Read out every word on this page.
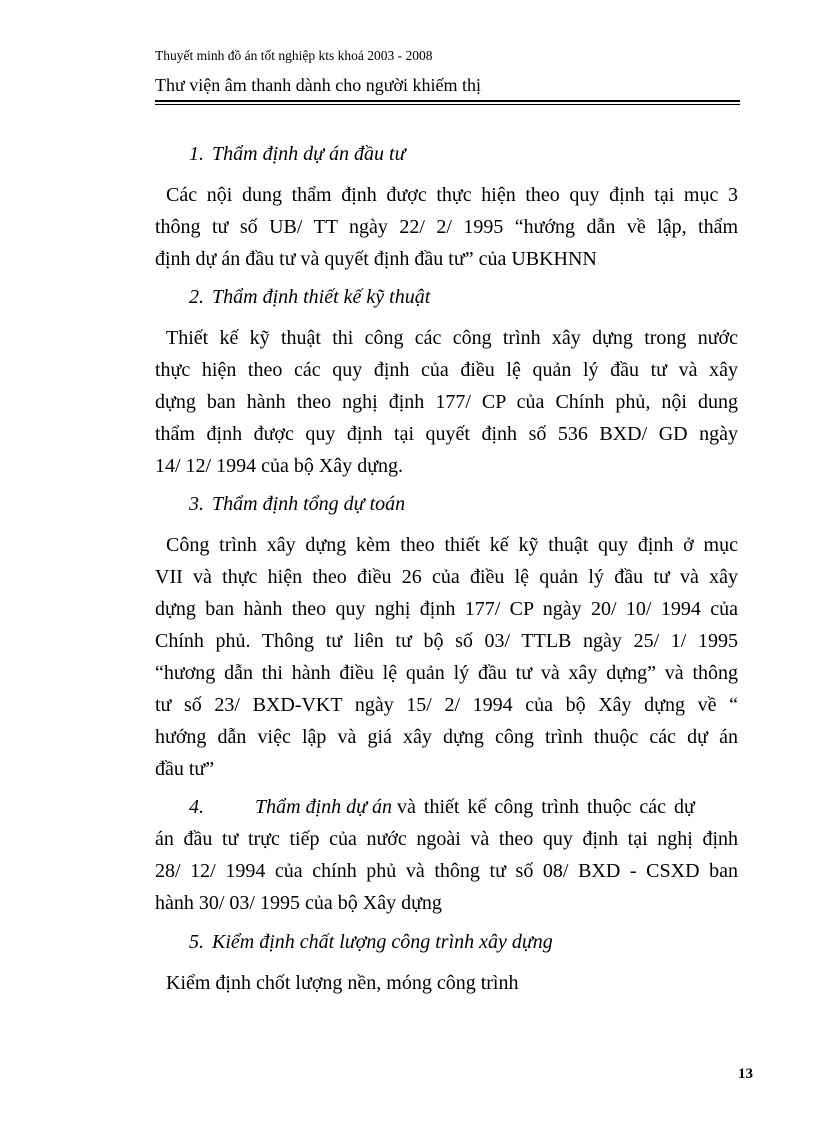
Thuyết minh đồ án tốt nghiệp kts khoá 2003 - 2008
Thư viện âm thanh dành cho người khiếm thị
1. Thẩm định dự án đầu tư
Các nội dung thẩm định được thực hiện theo quy định tại mục 3
thông tư số UB/ TT ngày 22/ 2/ 1995 “hướng dẫn về lập, thẩm
định dự án đầu tư và quyết định đầu tư” của UBKHNN
2. Thẩm định thiết kế kỹ thuật
Thiết kế kỹ thuật thi công các công trình xây dựng trong nước
thực hiện theo các quy định của điều lệ quản lý đầu tư và xây
dựng ban hành theo nghị định 177/ CP của Chính phủ, nội dung
thẩm định được quy định tại quyết định số 536 BXD/ GD ngày
14/ 12/ 1994 của bộ Xây dựng.
3. Thẩm định tổng dự toán
Công trình xây dựng kèm theo thiết kế kỹ thuật quy định ở mục
VII và thực hiện theo điều 26 của điều lệ quản lý đầu tư và xây
dựng ban hành theo quy nghị định 177/ CP ngày 20/ 10/ 1994 của
Chính phủ. Thông tư liên tư bộ số 03/ TTLB ngày 25/ 1/ 1995
“hương dẫn thi hành điều lệ quản lý đầu tư và xây dựng” và thông
tư số 23/ BXD-VKT ngày 15/ 2/ 1994 của bộ Xây dựng về “
hướng dẫn việc lập và giá xây dựng công trình thuộc các dự án
đầu tư”
4.	Thẩm định dự án và thiết kế công trình thuộc các dự
án đầu tư trực tiếp của nước ngoài và theo quy định tại nghị định
28/ 12/ 1994 của chính phủ và thông tư số 08/ BXD - CSXD ban
hành 30/ 03/ 1995 của bộ Xây dựng
5. Kiểm định chất lượng công trình xây dựng
Kiểm định chốt lượng nền, móng công trình
13
